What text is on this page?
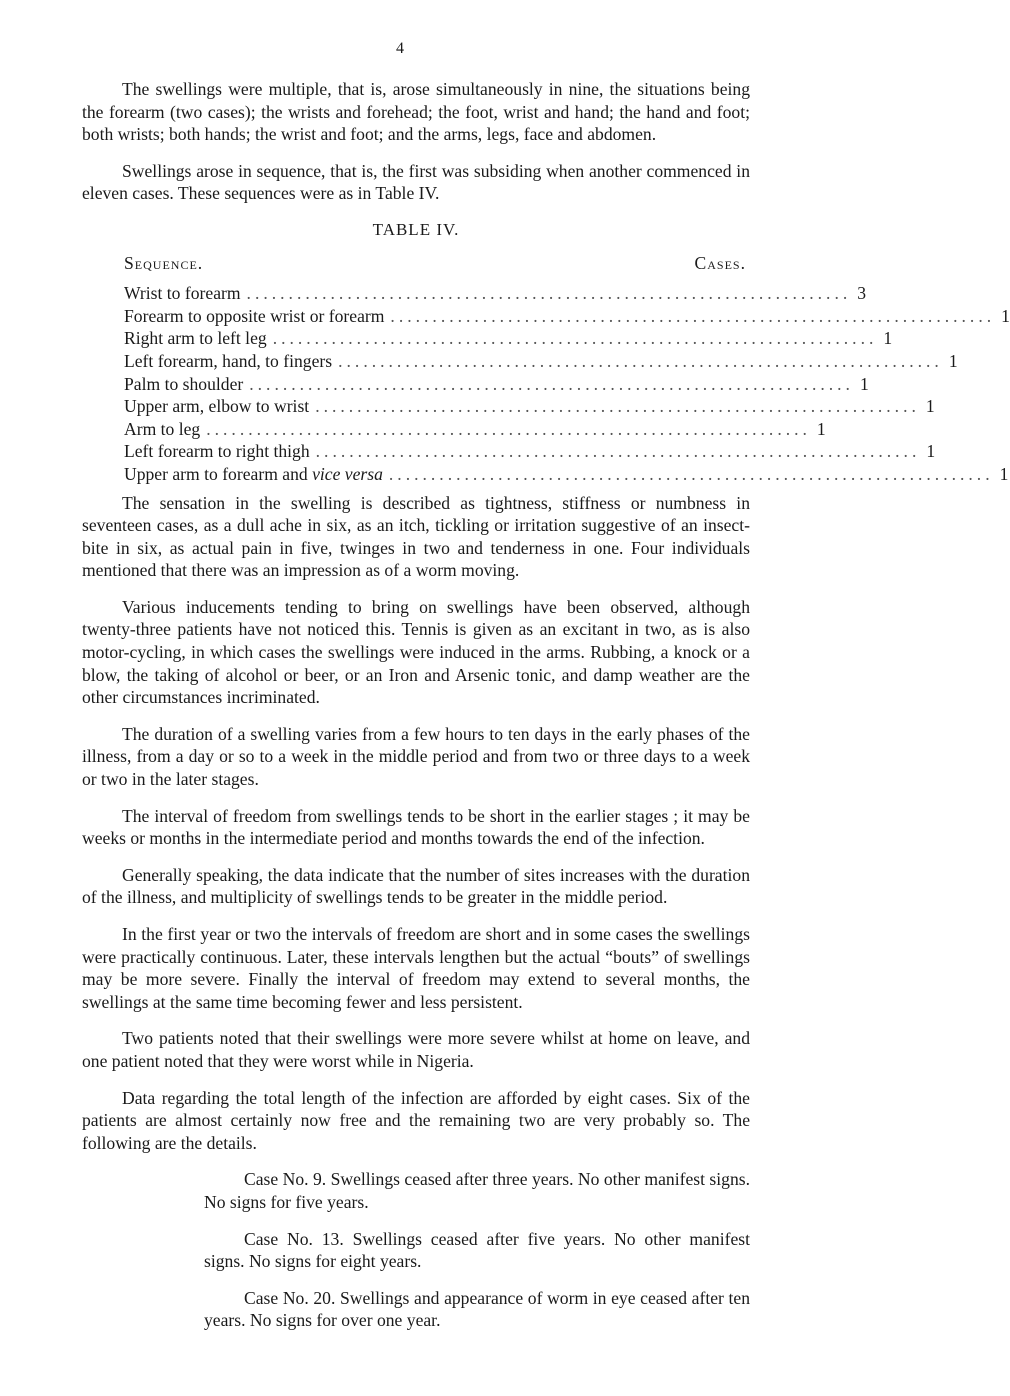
4

The swellings were multiple, that is, arose simultaneously in nine, the situations being the forearm (two cases); the wrists and forehead; the foot, wrist and hand; the hand and foot; both wrists; both hands; the wrist and foot; and the arms, legs, face and abdomen.

Swellings arose in sequence, that is, the first was subsiding when another commenced in eleven cases. These sequences were as in Table IV.

TABLE IV.
Sequence.	Cases.
Wrist to forearm ........................................................................ 3
Forearm to opposite wrist or forearm ........................................................................ 1
Right arm to left leg ........................................................................ 1
Left forearm, hand, to fingers ........................................................................ 1
Palm to shoulder ........................................................................ 1
Upper arm, elbow to wrist ........................................................................ 1
Arm to leg ........................................................................ 1
Left forearm to right thigh ........................................................................ 1
Upper arm to forearm and vice versa ........................................................................ 1

The sensation in the swelling is described as tightness, stiffness or numbness in seventeen cases, as a dull ache in six, as an itch, tickling or irritation suggestive of an insect-bite in six, as actual pain in five, twinges in two and tenderness in one. Four individuals mentioned that there was an impression as of a worm moving.

Various inducements tending to bring on swellings have been observed, although twenty-three patients have not noticed this. Tennis is given as an excitant in two, as is also motor-cycling, in which cases the swellings were induced in the arms. Rubbing, a knock or a blow, the taking of alcohol or beer, or an Iron and Arsenic tonic, and damp weather are the other circumstances incriminated.

The duration of a swelling varies from a few hours to ten days in the early phases of the illness, from a day or so to a week in the middle period and from two or three days to a week or two in the later stages.

The interval of freedom from swellings tends to be short in the earlier stages ; it may be weeks or months in the intermediate period and months towards the end of the infection.

Generally speaking, the data indicate that the number of sites increases with the duration of the illness, and multiplicity of swellings tends to be greater in the middle period.

In the first year or two the intervals of freedom are short and in some cases the swellings were practically continuous. Later, these intervals lengthen but the actual “bouts” of swellings may be more severe. Finally the interval of freedom may extend to several months, the swellings at the same time becoming fewer and less persistent.

Two patients noted that their swellings were more severe whilst at home on leave, and one patient noted that they were worst while in Nigeria.

Data regarding the total length of the infection are afforded by eight cases. Six of the patients are almost certainly now free and the remaining two are very probably so. The following are the details.

Case No. 9. Swellings ceased after three years. No other manifest signs. No signs for five years.

Case No. 13. Swellings ceased after five years. No other manifest signs. No signs for eight years.

Case No. 20. Swellings and appearance of worm in eye ceased after ten years. No signs for over one year.
